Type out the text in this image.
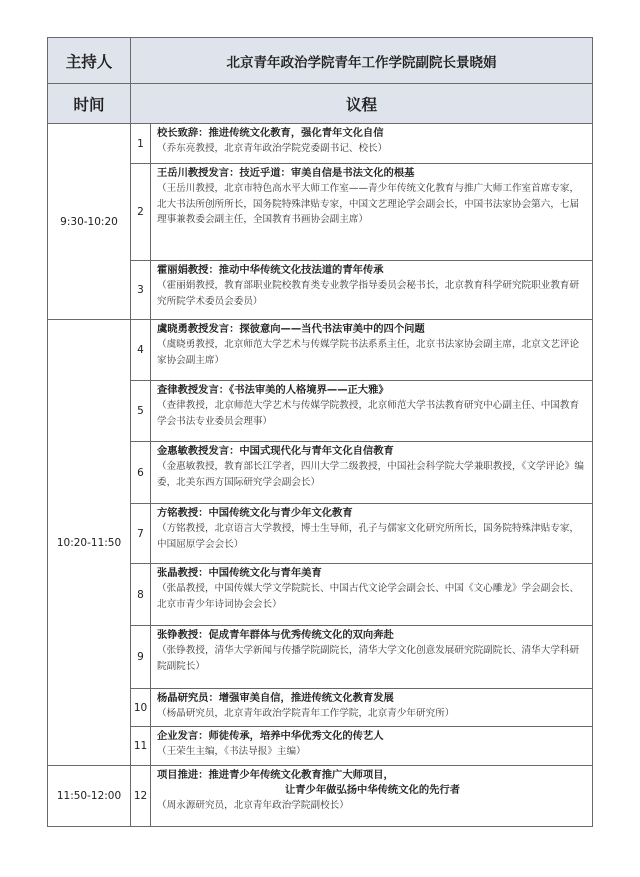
主持人	北京青年政治学院青年工作学院副院长景晓娟	
时间	议程	
9:30-10:20	1	校长致辞：推进传统文化教育，强化青年文化自信
（乔东亮教授，北京青年政治学院党委副书记、校长）

	2	王岳川教授发言：技近乎道：审美自信是书法文化的根基
（王岳川教授，北京市特色高水平大师工作室——青少年传统文化教育与推广大师工作室首席专家，北大书法所创所所长，国务院特殊津贴专家，中国文艺理论学会副会长，中国书法家协会第六，七届理事兼教委会副主任，全国教育书画协会副主席）

	3	霍丽娟教授：推动中华传统文化技法道的青年传承
（霍丽娟教授，教育部职业院校教育类专业教学指导委员会秘书长，北京教育科学研究院职业教育研究所院学术委员会委员）

10:20-11:50	4	虞晓勇教授发言：探彼意向——当代书法审美中的四个问题
（虞晓勇教授，北京师范大学艺术与传媒学院书法系系主任，北京书法家协会副主席，北京文艺评论家协会副主席）

	5	查律教授发言：《书法审美的人格境界——正大雅》
（查律教授，北京师范大学艺术与传媒学院教授，北京师范大学书法教育研究中心副主任、中国教育学会书法专业委员会理事）

	6	金惠敏教授发言：中国式现代化与青年文化自信教育
（金惠敏教授，教育部长江学者，四川大学二级教授，中国社会科学院大学兼职教授，《文学评论》编委，北美东西方国际研究学会副会长）

	7	方铭教授：中国传统文化与青少年文化教育
（方铭教授，北京语言大学教授，博士生导师，孔子与儒家文化研究所所长，国务院特殊津贴专家，中国屈原学会会长）

	8	张晶教授：中国传统文化与青年美育
（张晶教授，中国传媒大学文学院院长、中国古代文论学会副会长、中国《文心雕龙》学会副会长、北京市青少年诗词协会会长）

	9	张铮教授：促成青年群体与优秀传统文化的双向奔赴
（张铮教授，清华大学新闻与传播学院副院长，清华大学文化创意发展研究院副院长、清华大学科研院副院长）

	10	杨晶研究员：增强审美自信，推进传统文化教育发展
（杨晶研究员，北京青年政治学院青年工作学院，北京青少年研究所）

	11	企业发言：师徒传承，培养中华优秀文化的传艺人
（王荣生主编，《书法导报》主编）

11:50-12:00	12	项目推进：推进青少年传统文化教育推广大师项目，
让青少年做弘扬中华传统文化的先行者
（周永源研究员，北京青年政治学院副校长）
